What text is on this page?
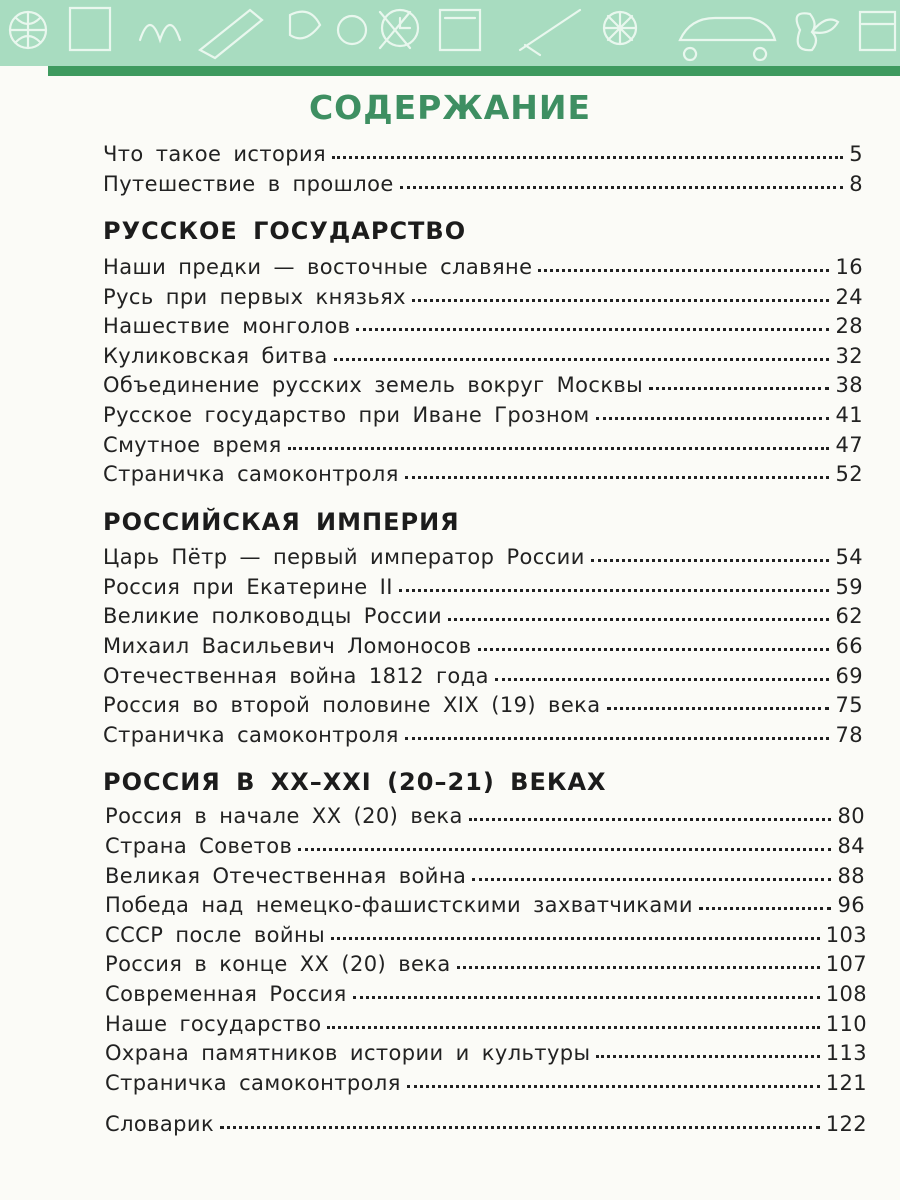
СОДЕРЖАНИЕ
Что такое история	5
Путешествие в прошлое	8
РУССКОЕ ГОСУДАРСТВО
Наши предки — восточные славяне	16
Русь при первых князьях	24
Нашествие монголов	28
Куликовская битва	32
Объединение русских земель вокруг Москвы	38
Русское государство при Иване Грозном	41
Смутное время	47
Страничка самоконтроля	52
РОССИЙСКАЯ ИМПЕРИЯ
Царь Пётр — первый император России	54
Россия при Екатерине II	59
Великие полководцы России	62
Михаил Васильевич Ломоносов	66
Отечественная война 1812 года	69
Россия во второй половине XIX (19) века	75
Страничка самоконтроля	78
РОССИЯ В XX–XXI (20–21) ВЕКАХ
Россия в начале XX (20) века	80
Страна Советов	84
Великая Отечественная война	88
Победа над немецко-фашистскими захватчиками	96
СССР после войны	103
Россия в конце XX (20) века	107
Современная Россия	108
Наше государство	110
Охрана памятников истории и культуры	113
Страничка самоконтроля	121
Словарик	122
